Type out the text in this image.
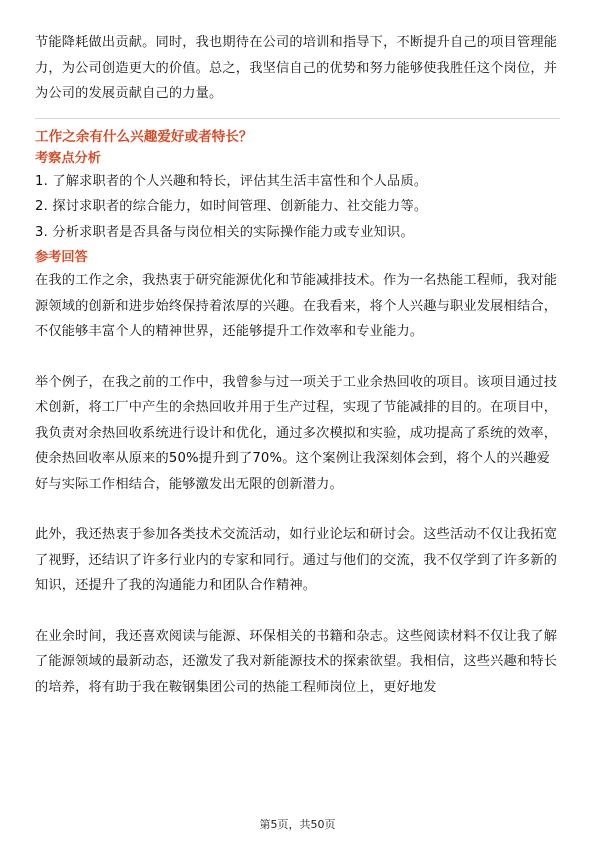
节能降耗做出贡献。同时，我也期待在公司的培训和指导下，不断提升自己的项目管理能力，为公司创造更大的价值。总之，我坚信自己的优势和努力能够使我胜任这个岗位，并为公司的发展贡献自己的力量。

工作之余有什么兴趣爱好或者特长？
考察点分析

1. 了解求职者的个人兴趣和特长，评估其生活丰富性和个人品质。

2. 探讨求职者的综合能力，如时间管理、创新能力、社交能力等。

3. 分析求职者是否具备与岗位相关的实际操作能力或专业知识。

参考回答

在我的工作之余，我热衷于研究能源优化和节能减排技术。作为一名热能工程师，我对能源领域的创新和进步始终保持着浓厚的兴趣。在我看来，将个人兴趣与职业发展相结合，不仅能够丰富个人的精神世界，还能够提升工作效率和专业能力。

举个例子，在我之前的工作中，我曾参与过一项关于工业余热回收的项目。该项目通过技术创新，将工厂中产生的余热回收并用于生产过程，实现了节能减排的目的。在项目中，我负责对余热回收系统进行设计和优化，通过多次模拟和实验，成功提高了系统的效率，使余热回收率从原来的50%提升到了70%。这个案例让我深刻体会到，将个人的兴趣爱好与实际工作相结合，能够激发出无限的创新潜力。

此外，我还热衷于参加各类技术交流活动，如行业论坛和研讨会。这些活动不仅让我拓宽了视野，还结识了许多行业内的专家和同行。通过与他们的交流，我不仅学到了许多新的知识，还提升了我的沟通能力和团队合作精神。

在业余时间，我还喜欢阅读与能源、环保相关的书籍和杂志。这些阅读材料不仅让我了解了能源领域的最新动态，还激发了我对新能源技术的探索欲望。我相信，这些兴趣和特长的培养，将有助于我在鞍钢集团公司的热能工程师岗位上，更好地发

第5页，共50页
